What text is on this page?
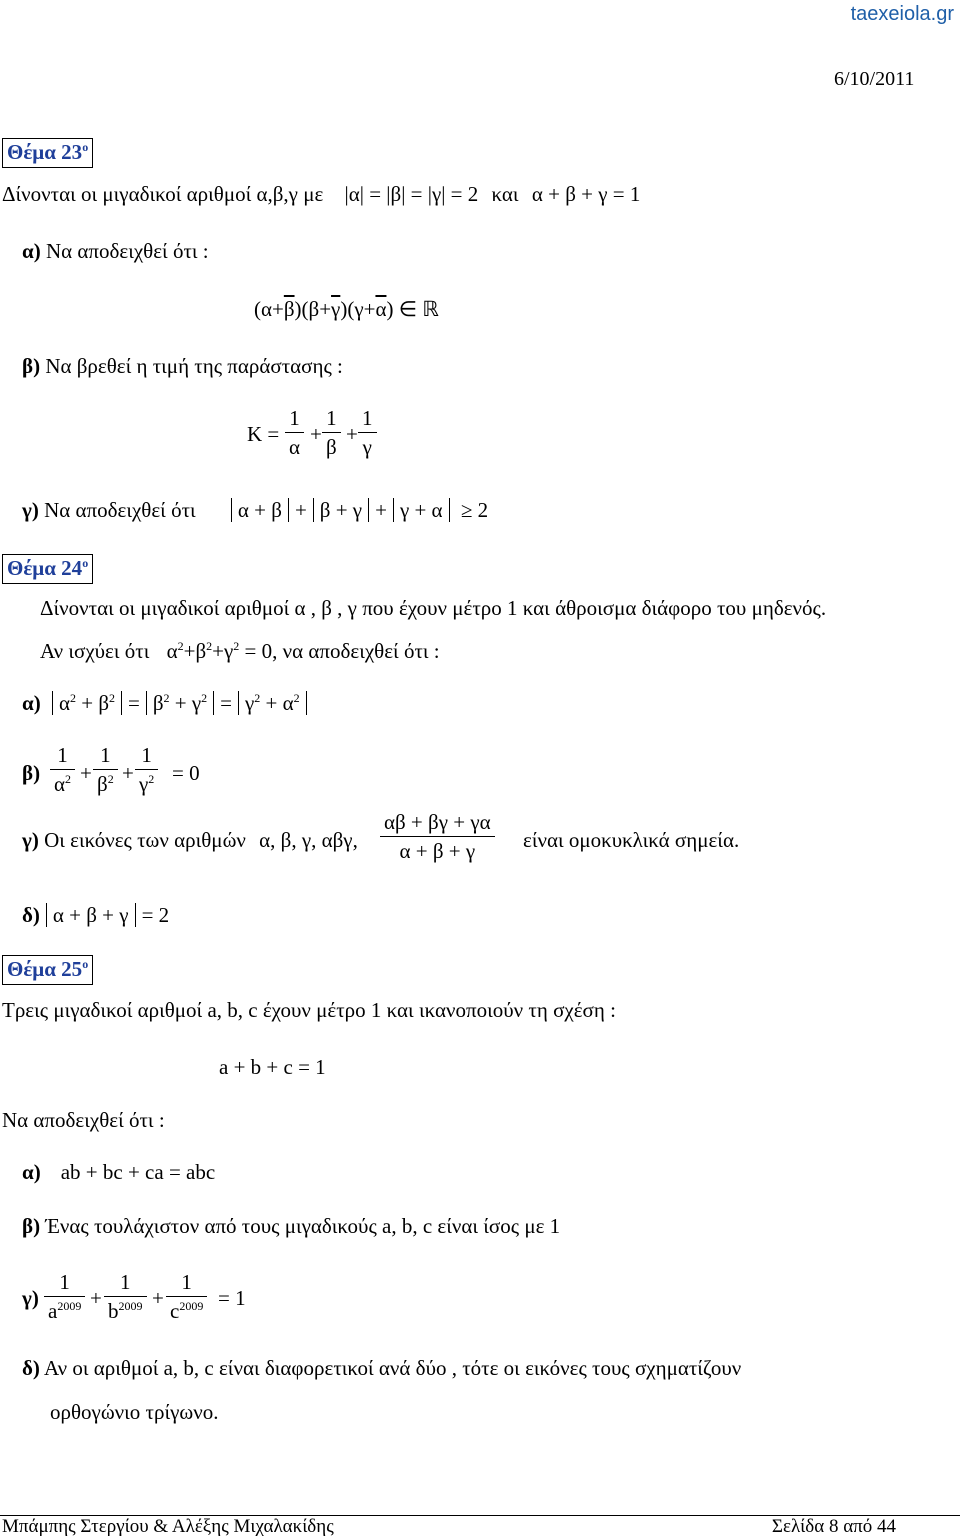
taexeiola.gr
6/10/2011
Θέμα $23^o$
Δίνονται οι μιγαδικοί αριθμοί α,β,γ με |α| = |β| = |γ| = 2 και α + β + γ = 1
α) Να αποδειχθεί ότι :
$(\alpha+\overline{\beta})(\beta+\overline{\gamma})(\gamma+\overline{\alpha})$ ∈ ℝ
β) Να βρεθεί η τιμή της παράστασης :
$K = \frac{1}{\alpha} + \frac{1}{\beta} + \frac{1}{\gamma}$
γ) Να αποδειχθεί ότι α + β + β + γ + γ + α ≥ 2
Θέμα $24^o$
Δίνονται οι μιγαδικοί αριθμοί α , β , γ που έχουν μέτρο 1 και άθροισμα διάφορο του μηδενός.
Αν ισχύει ότι $\alpha^2+\beta^2+\gamma^2 = 0$, να αποδειχθεί ότι :
α) $\alpha^2 + \beta^2 = \beta^2 + \gamma^2 = \gamma^2 + \alpha^2$
$\beta) \frac{1}{\alpha^2} + \frac{1}{\beta^2} + \frac{1}{\gamma^2} = 0$
γ) Οι εικόνες των αριθμών α, β, γ, αβγ, $\frac{\alpha\beta + \beta\gamma + \gamma\alpha}{\alpha + \beta + \gamma}$ είναι ομοκυκλικά σημεία.
δ) α + β + γ = 2
Θέμα $25^o$
Τρεις μιγαδικοί αριθμοί a, b, c έχουν μέτρο 1 και ικανοποιούν τη σχέση :
a + b + c = 1
Να αποδειχθεί ότι :
α) ab + bc + ca = abc
β) Ένας τουλάχιστον από τους μιγαδικούς a, b, c είναι ίσος με 1
$\gamma) \frac{1}{a^{2009}} + \frac{1}{b^{2009}} + \frac{1}{c^{2009}} = 1$
δ) Αν οι αριθμοί a, b, c είναι διαφορετικοί ανά δύο , τότε οι εικόνες τους σχηματίζουν
ορθογώνιο τρίγωνο.
Μπάμπης Στεργίου & Αλέξης Μιχαλακίδης	Σελίδα 8 από 44
